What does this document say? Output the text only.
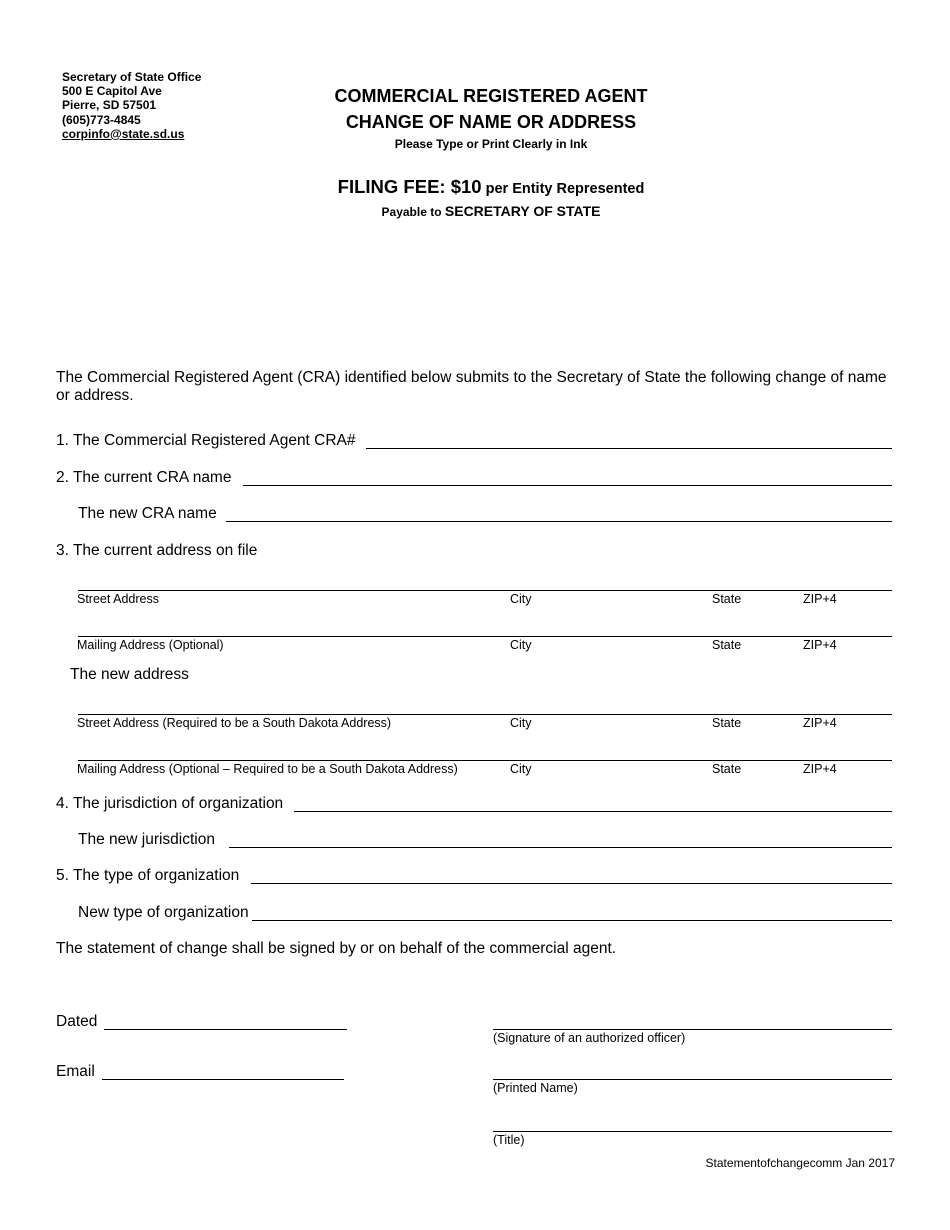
Secretary of State Office
500 E Capitol Ave
Pierre, SD 57501
(605)773-4845
corpinfo@state.sd.us
COMMERCIAL REGISTERED AGENT
CHANGE OF NAME OR ADDRESS
Please Type or Print Clearly in Ink
FILING FEE: $10 per Entity Represented
Payable to SECRETARY OF STATE
The Commercial Registered Agent (CRA) identified below submits to the Secretary of State the following change of name or address.
1. The Commercial Registered Agent CRA#
2. The current CRA name
The new CRA name
3. The current address on file
Street Address	City	State	ZIP+4
Mailing Address (Optional)	City	State	ZIP+4
The new address
Street Address (Required to be a South Dakota Address)	City	State	ZIP+4
Mailing Address (Optional – Required to be a South Dakota Address)	City	State	ZIP+4
4. The jurisdiction of organization
The new jurisdiction
5. The type of organization
New type of organization
The statement of change shall be signed by or on behalf of the commercial agent.
Dated
Email
(Signature of an authorized officer)
(Printed Name)
(Title)
Statementofchangecomm Jan 2017
